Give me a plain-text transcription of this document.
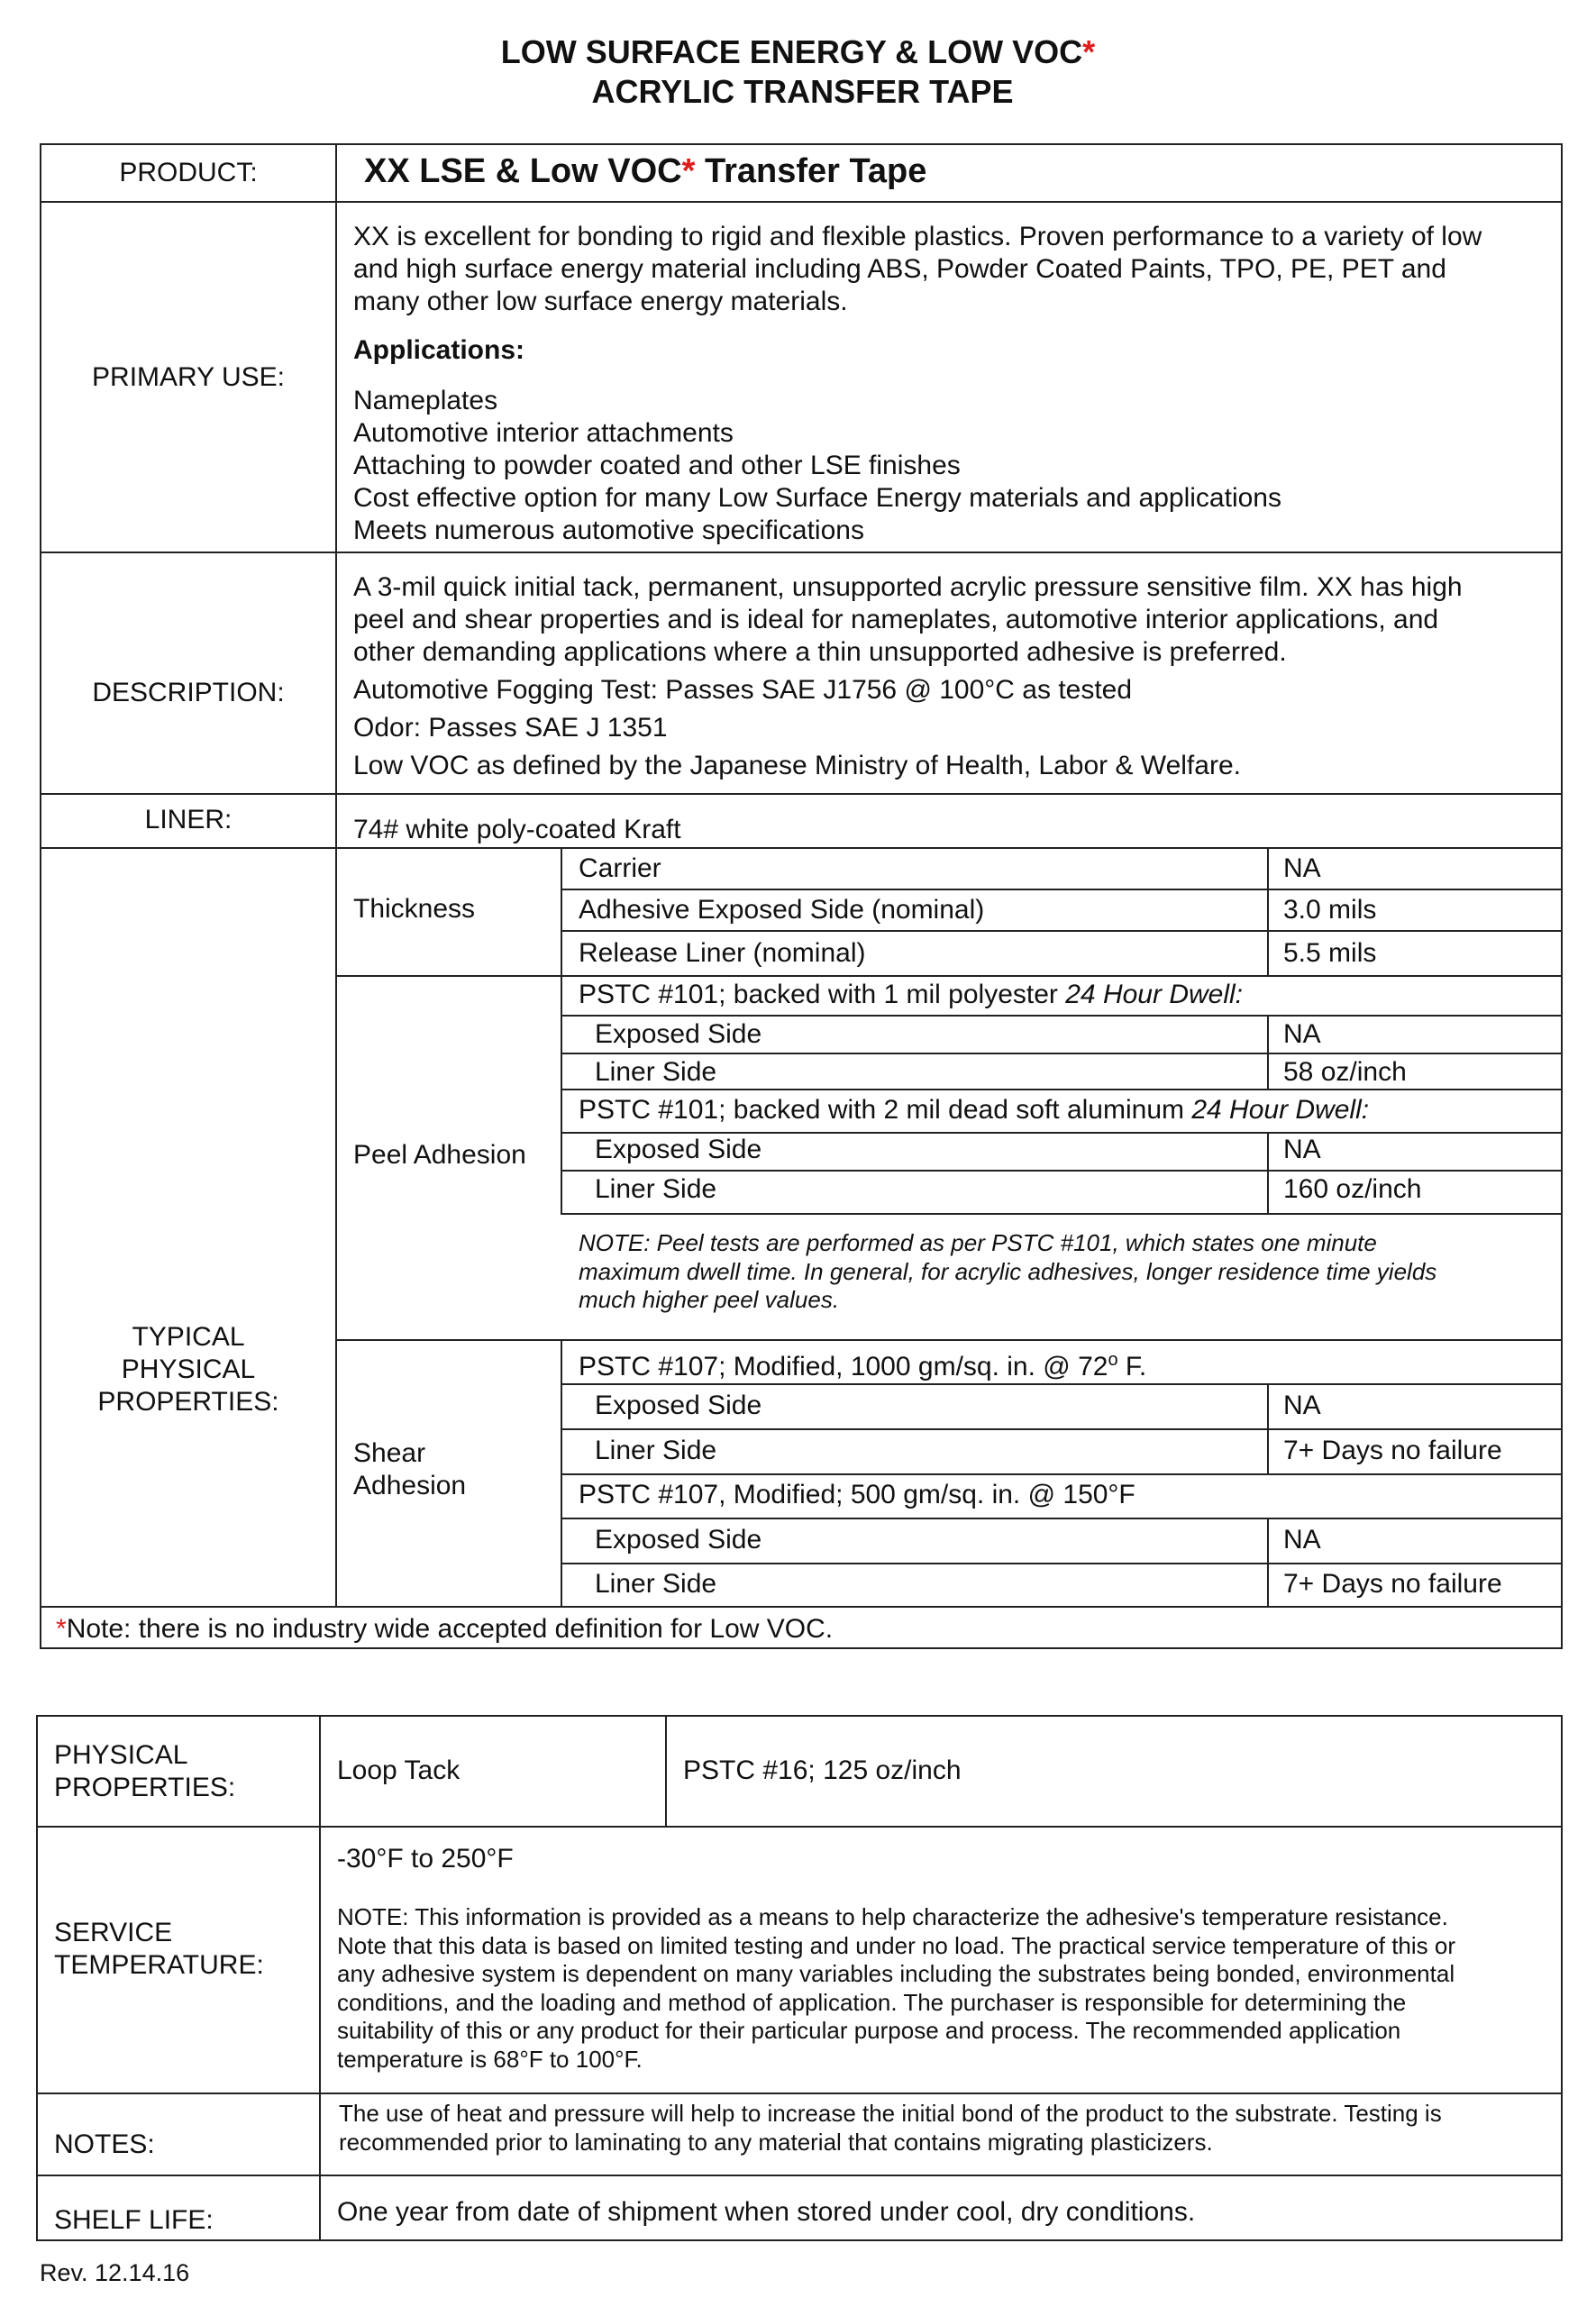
LOW SURFACE ENERGY & LOW VOC*
ACRYLIC TRANSFER TAPE
PRODUCT:	XX LSE & Low VOC* Transfer Tape
PRIMARY USE:
XX is excellent for bonding to rigid and flexible plastics. Proven performance to a variety of low
and high surface energy material including ABS, Powder Coated Paints, TPO, PE, PET and
many other low surface energy materials.
Applications:
Nameplates
Automotive interior attachments
Attaching to powder coated and other LSE finishes
Cost effective option for many Low Surface Energy materials and applications
Meets numerous automotive specifications
DESCRIPTION:
A 3-mil quick initial tack, permanent, unsupported acrylic pressure sensitive film. XX has high
peel and shear properties and is ideal for nameplates, automotive interior applications, and
other demanding applications where a thin unsupported adhesive is preferred.
Automotive Fogging Test: Passes SAE J1756 @ 100°C as tested
Odor: Passes SAE J 1351
Low VOC as defined by the Japanese Ministry of Health, Labor & Welfare.
LINER:	74# white poly-coated Kraft
TYPICAL
PHYSICAL
PROPERTIES:
Thickness
Carrier	NA
Adhesive Exposed Side (nominal)	3.0 mils
Release Liner (nominal)	5.5 mils
Peel Adhesion
PSTC #101; backed with 1 mil polyester 24 Hour Dwell:
Exposed Side	NA
Liner Side	58 oz/inch
PSTC #101; backed with 2 mil dead soft aluminum 24 Hour Dwell:
Exposed Side	NA
Liner Side	160 oz/inch
NOTE: Peel tests are performed as per PSTC #101, which states one minute
maximum dwell time. In general, for acrylic adhesives, longer residence time yields
much higher peel values.
Shear
Adhesion
PSTC #107; Modified, 1000 gm/sq. in. @ 72$^o$ F.
Exposed Side	NA
Liner Side	7+ Days no failure
PSTC #107, Modified; 500 gm/sq. in. @ 150°F
Exposed Side	NA
Liner Side	7+ Days no failure
*Note: there is no industry wide accepted definition for Low VOC.
PHYSICAL
PROPERTIES:
Loop Tack	PSTC #16; 125 oz/inch
SERVICE
TEMPERATURE:
-30°F to 250°F
NOTE: This information is provided as a means to help characterize the adhesive's temperature resistance.
Note that this data is based on limited testing and under no load. The practical service temperature of this or
any adhesive system is dependent on many variables including the substrates being bonded, environmental
conditions, and the loading and method of application. The purchaser is responsible for determining the
suitability of this or any product for their particular purpose and process. The recommended application
temperature is 68°F to 100°F.
NOTES:
The use of heat and pressure will help to increase the initial bond of the product to the substrate. Testing is
recommended prior to laminating to any material that contains migrating plasticizers.
SHELF LIFE:	One year from date of shipment when stored under cool, dry conditions.
Rev. 12.14.16
